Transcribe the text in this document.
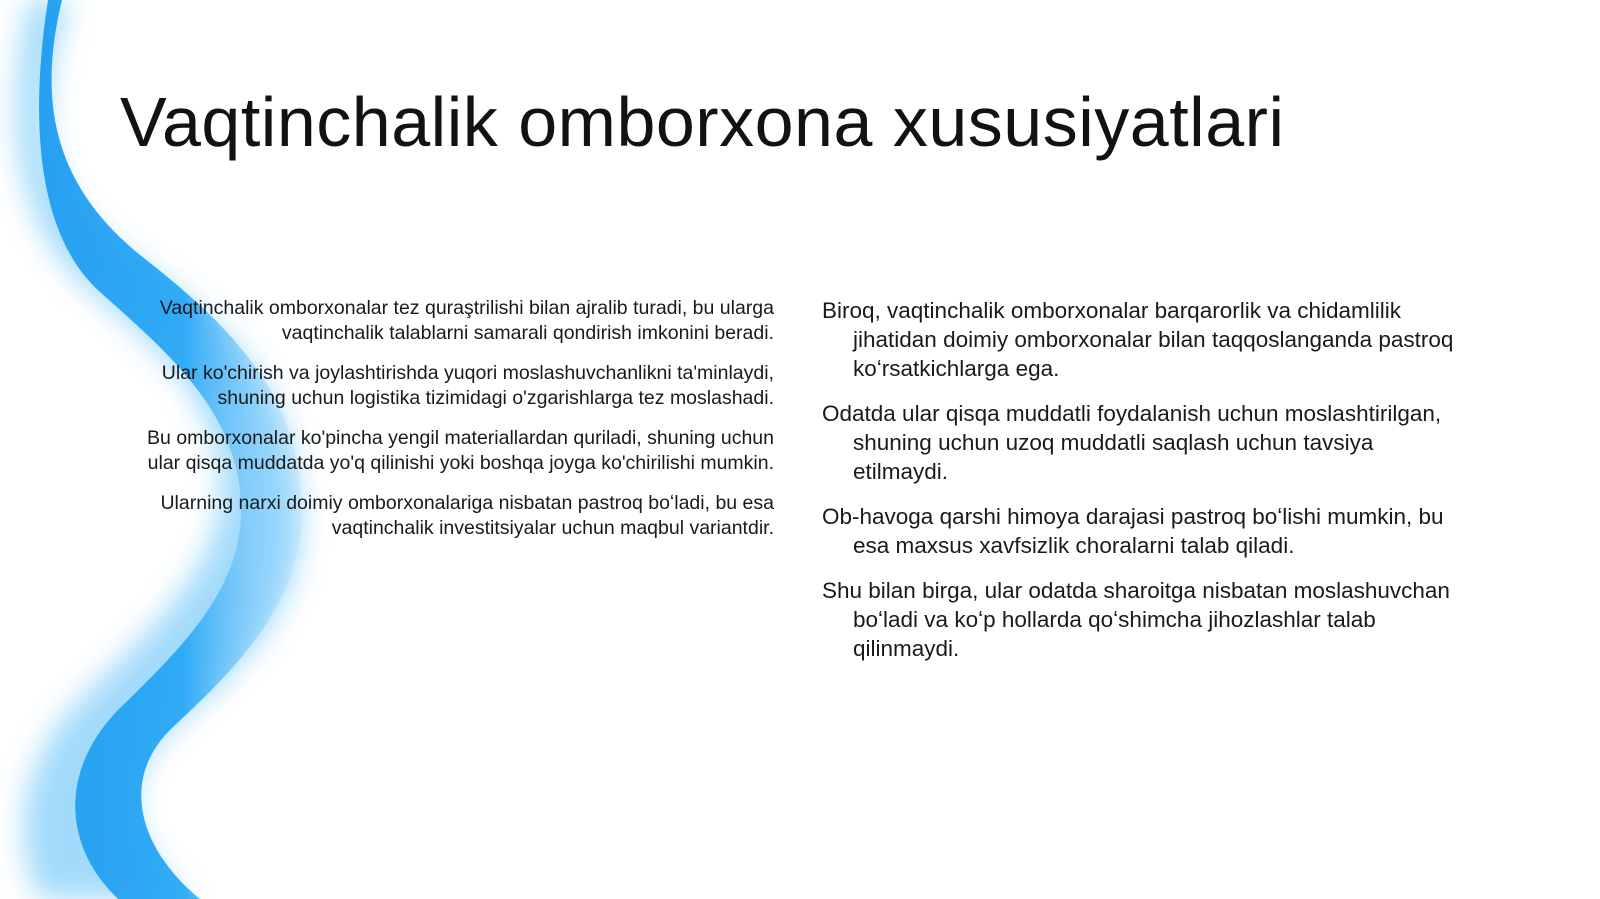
Vaqtinchalik omborxona xususiyatlari

Vaqtinchalik omborxonalar tez quraştrilishi bilan ajralib turadi, bu ularga vaqtinchalik talablarni samarali qondirish imkonini beradi.

Ular ko'chirish va joylashtirishda yuqori moslashuvchanlikni ta'minlaydi, shuning uchun logistika tizimidagi o'zgarishlarga tez moslashadi.

Bu omborxonalar ko'pincha yengil materiallardan quriladi, shuning uchun ular qisqa muddatda yo'q qilinishi yoki boshqa joyga ko'chirilishi mumkin.

Ularning narxi doimiy omborxonalariga nisbatan pastroq boʻladi, bu esa vaqtinchalik investitsiyalar uchun maqbul variantdir.

Biroq, vaqtinchalik omborxonalar barqarorlik va chidamlilik jihatidan doimiy omborxonalar bilan taqqoslanganda pastroq koʻrsatkichlarga ega.

Odatda ular qisqa muddatli foydalanish uchun moslashtirilgan, shuning uchun uzoq muddatli saqlash uchun tavsiya etilmaydi.

Ob-havoga qarshi himoya darajasi pastroq boʻlishi mumkin, bu esa maxsus xavfsizlik choralarni talab qiladi.

Shu bilan birga, ular odatda sharoitga nisbatan moslashuvchan boʻladi va koʻp hollarda qoʻshimcha jihozlashlar talab qilinmaydi.
